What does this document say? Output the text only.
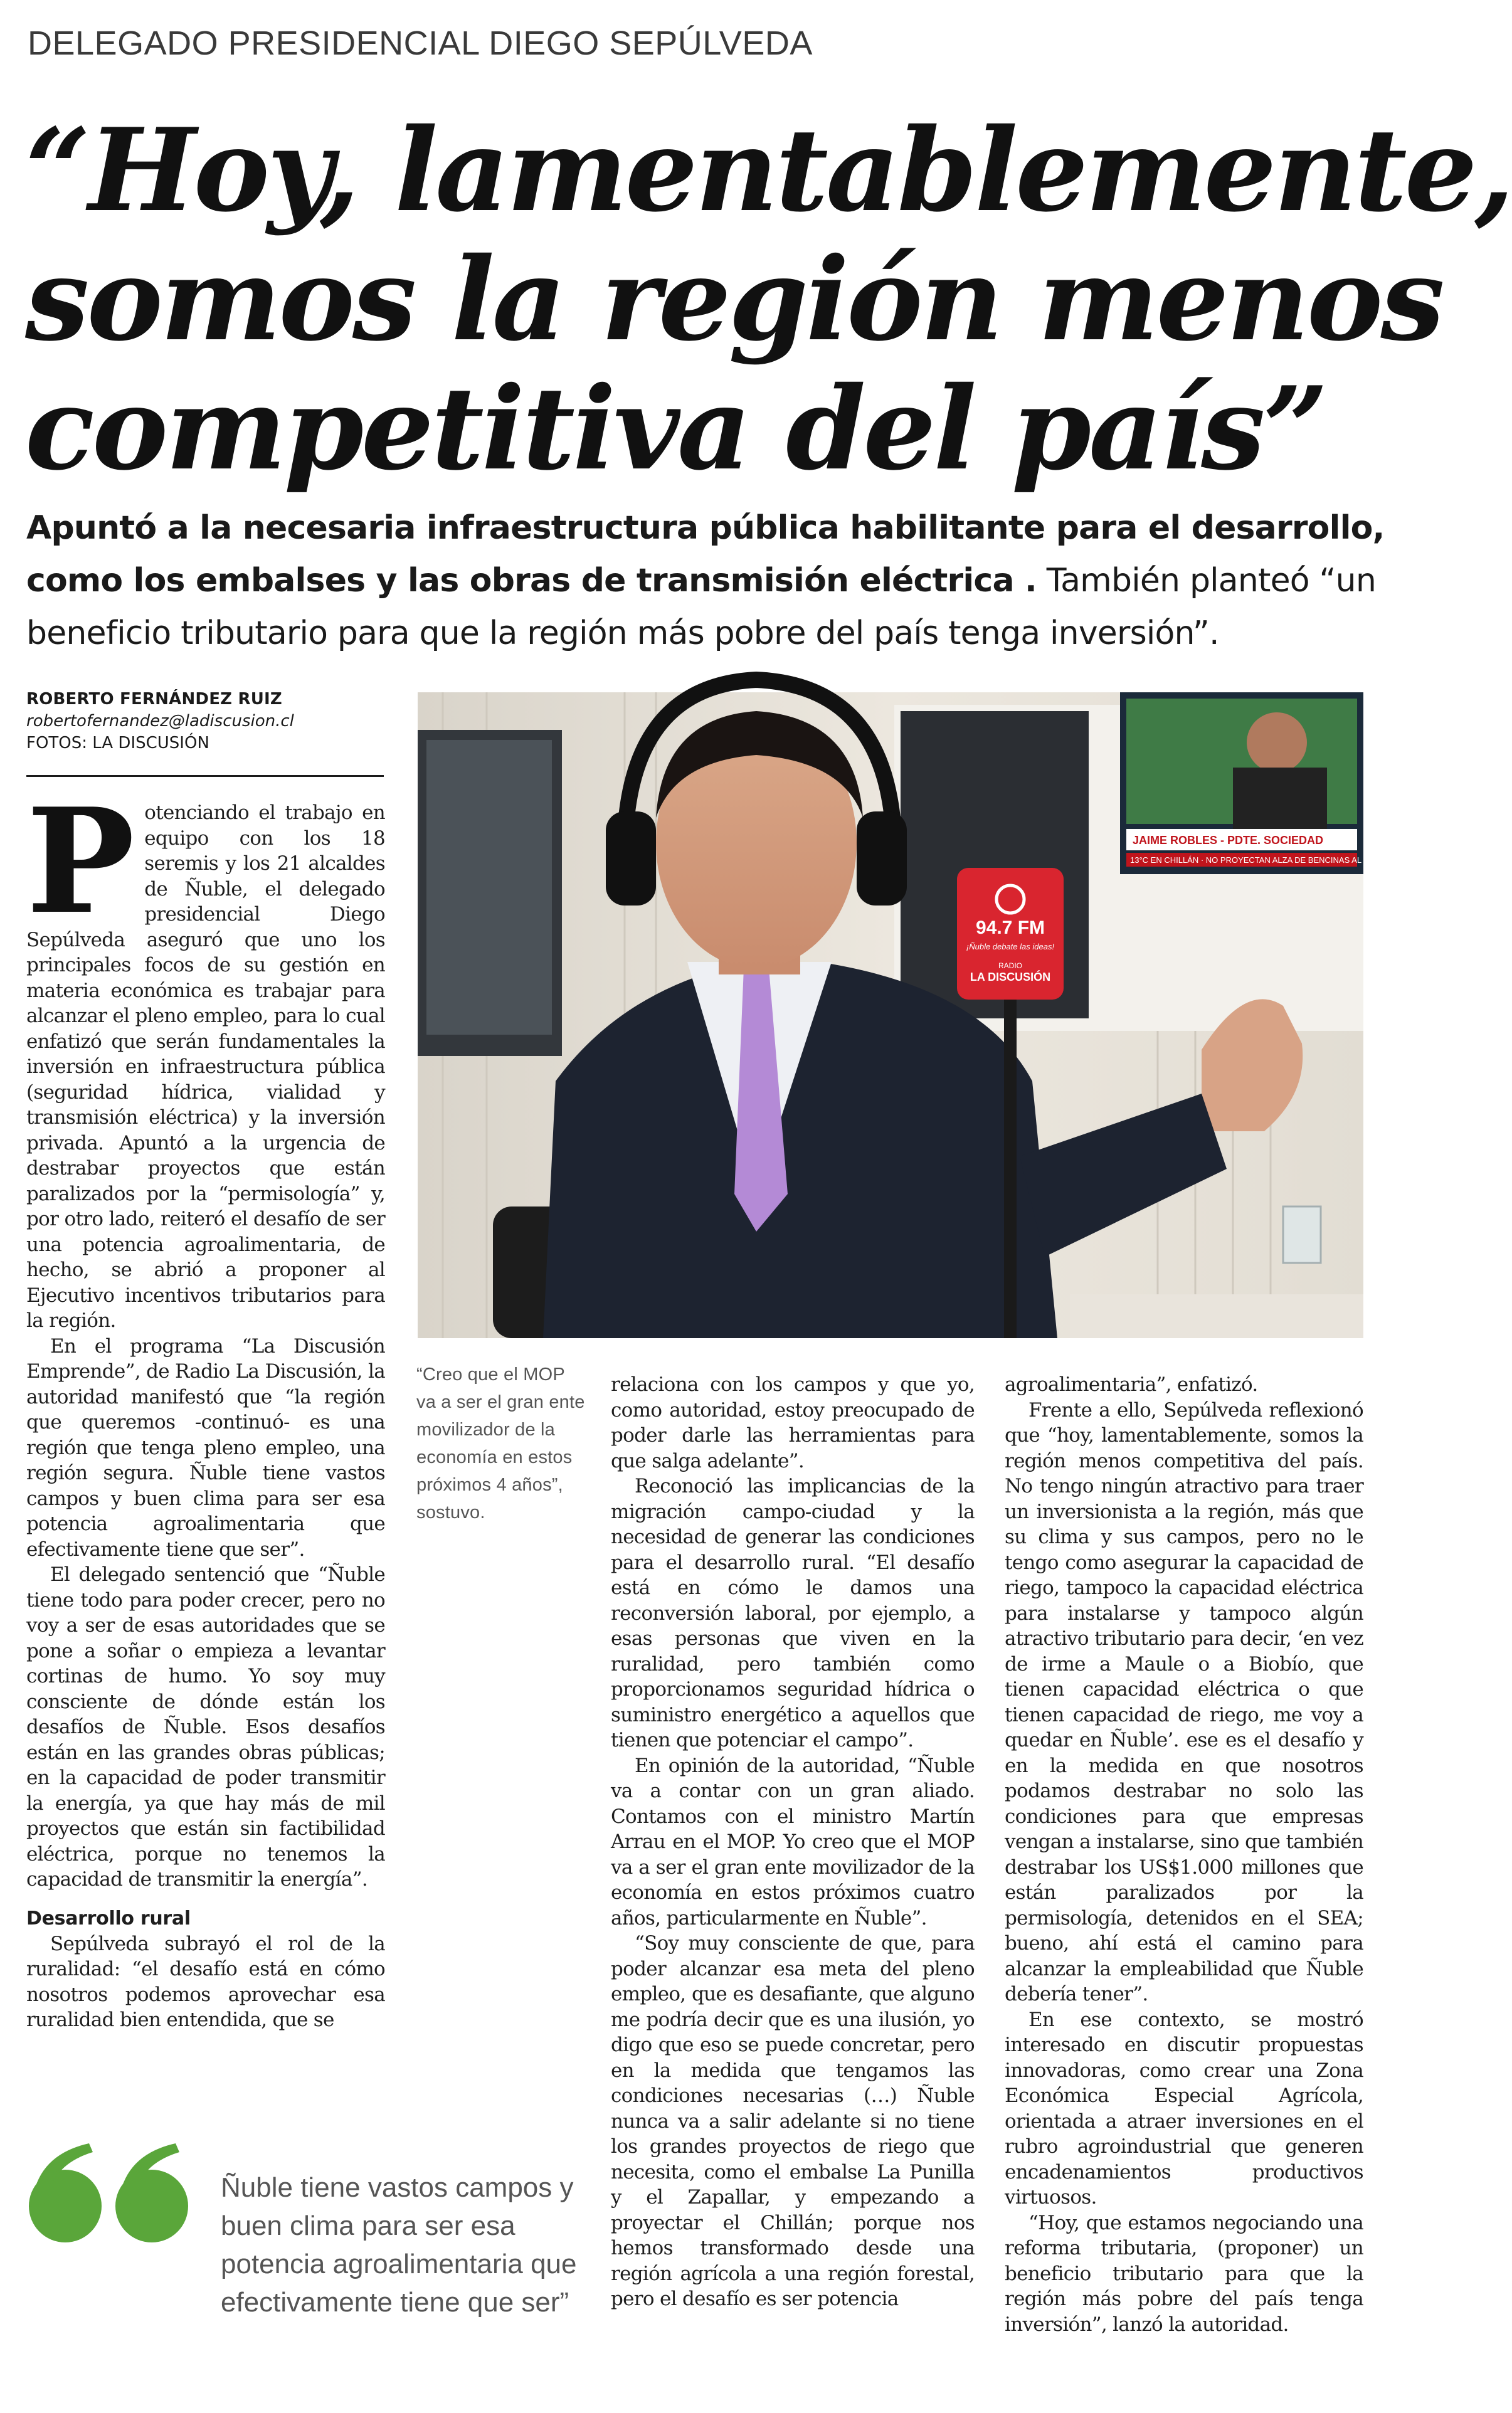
DELEGADO PRESIDENCIAL DIEGO SEPÚLVEDA
“Hoy, lamentablemente,
somos la región menos
competitiva del país”
Apuntó a la necesaria infraestructura pública habilitante para el desarrollo,
como los embalses y las obras de transmisión eléctrica . También planteó “un
beneficio tributario para que la región más pobre del país tenga inversión”.
ROBERTO FERNÁNDEZ RUIZ
robertofernandez@ladiscusion.cl
FOTOS: LA DISCUSIÓN

Potenciando el trabajo en equipo con los 18 seremis y los 21 alcaldes de Ñuble, el delegado presidencial Diego Sepúlveda aseguró que uno los principales focos de su gestión en materia económica es trabajar para alcanzar el pleno empleo, para lo cual enfatizó que serán fundamentales la inversión en infraestructura pública (seguridad hídrica, vialidad y transmisión eléctrica) y la inversión privada. Apuntó a la urgencia de destrabar proyectos que están paralizados por la “permisología” y, por otro lado, reiteró el desafío de ser una potencia agroalimentaria, de hecho, se abrió a proponer al Ejecutivo incentivos tributarios para la región.

En el programa “La Discusión Emprende”, de Radio La Discusión, la autoridad manifestó que “la región que queremos -continuó- es una región que tenga pleno empleo, una región segura. Ñuble tiene vastos campos y buen clima para ser esa potencia agroalimentaria que efectivamente tiene que ser”.

El delegado sentenció que “Ñuble tiene todo para poder crecer, pero no voy a ser de esas autoridades que se pone a soñar o empieza a levantar cortinas de humo. Yo soy muy consciente de dónde están los desafíos de Ñuble. Esos desafíos están en las grandes obras públicas; en la capacidad de poder transmitir la energía, ya que hay más de mil proyectos que están sin factibilidad eléctrica, porque no tenemos la capacidad de transmitir la energía”.

Desarrollo rural

Sepúlveda subrayó el rol de la ruralidad: “el desafío está en cómo nosotros podemos aprovechar esa ruralidad bien entendida, que se

JAIME ROBLES - PDTE. SOCIEDAD
13°C EN CHILLÁN · NO PROYECTAN ALZA DE BENCINAS AL 50% EN EL PRECIO DEL
94.7 FM
¡Ñuble debate las ideas!
RADIO
LA DISCUSIÓN
“Creo que el MOP va a ser el gran ente movilizador de la economía en estos próximos 4 años”, sostuvo.

relaciona con los campos y que yo, como autoridad, estoy preocupado de poder darle las herramientas para que salga adelante”.

Reconoció las implicancias de la migración campo-ciudad y la necesidad de generar las condiciones para el desarrollo rural. “El desafío está en cómo le damos una reconversión laboral, por ejemplo, a esas personas que viven en la ruralidad, pero también como proporcionamos seguridad hídrica o suministro energético a aquellos que tienen que potenciar el campo”.

En opinión de la autoridad, “Ñuble va a contar con un gran aliado. Contamos con el ministro Martín Arrau en el MOP. Yo creo que el MOP va a ser el gran ente movilizador de la economía en estos próximos cuatro años, particularmente en Ñuble”.

“Soy muy consciente de que, para poder alcanzar esa meta del pleno empleo, que es desafiante, que alguno me podría decir que es una ilusión, yo digo que eso se puede concretar, pero en la medida que tengamos las condiciones necesarias (…) Ñuble nunca va a salir adelante si no tiene los grandes proyectos de riego que necesita, como el embalse La Punilla y el Zapallar, y empezando a proyectar el Chillán; porque nos hemos transformado desde una región agrícola a una región forestal, pero el desafío es ser potencia

agroalimentaria”, enfatizó.

Frente a ello, Sepúlveda reflexionó que “hoy, lamentablemente, somos la región menos competitiva del país. No tengo ningún atractivo para traer un inversionista a la región, más que su clima y sus campos, pero no le tengo como asegurar la capacidad de riego, tampoco la capacidad eléctrica para instalarse y tampoco algún atractivo tributario para decir, ‘en vez de irme a Maule o a Biobío, que tienen capacidad eléctrica o que tienen capacidad de riego, me voy a quedar en Ñuble’. ese es el desafío y en la medida en que nosotros podamos destrabar no solo las condiciones para que empresas vengan a instalarse, sino que también destrabar los US$1.000 millones que están paralizados por la permisología, detenidos en el SEA; bueno, ahí está el camino para alcanzar la empleabilidad que Ñuble debería tener”.

En ese contexto, se mostró interesado en discutir propuestas innovadoras, como crear una Zona Económica Especial Agrícola, orientada a atraer inversiones en el rubro agroindustrial que generen encadenamientos productivos virtuosos.

“Hoy, que estamos negociando una reforma tributaria, (proponer) un beneficio tributario para que la región más pobre del país tenga inversión”, lanzó la autoridad.

Ñuble tiene vastos campos y buen clima para ser esa potencia agroalimentaria que efectivamente tiene que ser”
